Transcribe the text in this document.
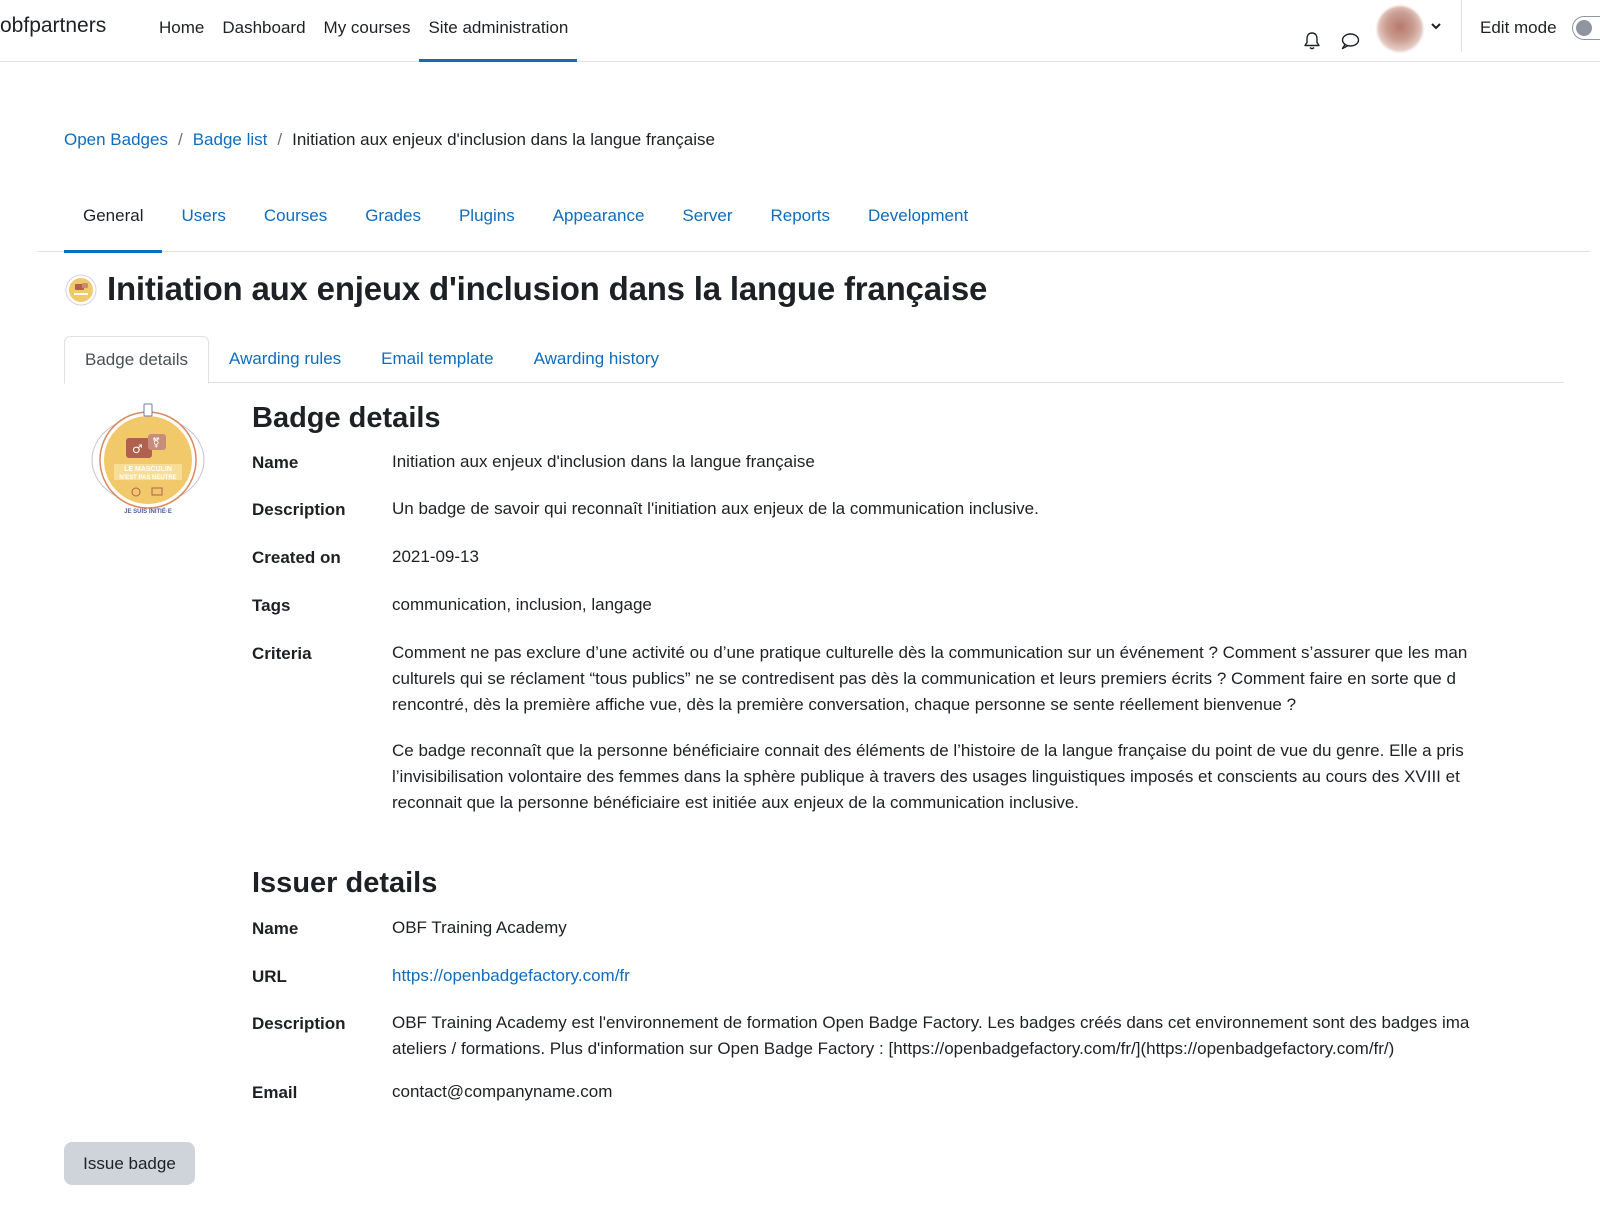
obfpartners	Home	Dashboard	My courses	Site administration	Edit mode
Open Badges / Badge list / Initiation aux enjeux d'inclusion dans la langue française
General	Users	Courses	Grades	Plugins	Appearance	Server	Reports	Development
Initiation aux enjeux d'inclusion dans la langue française
Badge details	Awarding rules	Email template	Awarding history
♂ ⚧
LE MASCULIN
N'EST PAS NEUTRE
JE SUIS INITIÉ·E
Badge details
Name	Initiation aux enjeux d'inclusion dans la langue française
Description	Un badge de savoir qui reconnaît l'initiation aux enjeux de la communication inclusive.
Created on	2021-09-13
Tags	communication, inclusion, langage
Criteria	Comment ne pas exclure d’une activité ou d’une pratique culturelle dès la communication sur un événement ? Comment s’assurer que les man
culturels qui se réclament “tous publics” ne se contredisent pas dès la communication et leurs premiers écrits ? Comment faire en sorte que d
rencontré, dès la première affiche vue, dès la première conversation, chaque personne se sente réellement bienvenue ?

Ce badge reconnaît que la personne bénéficiaire connait des éléments de l’histoire de la langue française du point de vue du genre. Elle a pris
l’invisibilisation volontaire des femmes dans la sphère publique à travers des usages linguistiques imposés et conscients au cours des XVIII et
reconnait que la personne bénéficiaire est initiée aux enjeux de la communication inclusive.

Issuer details
Name	OBF Training Academy
URL	https://openbadgefactory.com/fr
Description	OBF Training Academy est l'environnement de formation Open Badge Factory. Les badges créés dans cet environnement sont des badges ima
ateliers / formations. Plus d'information sur Open Badge Factory : [https://openbadgefactory.com/fr/](https://openbadgefactory.com/fr/)
Email	contact@companyname.com
Issue badge
